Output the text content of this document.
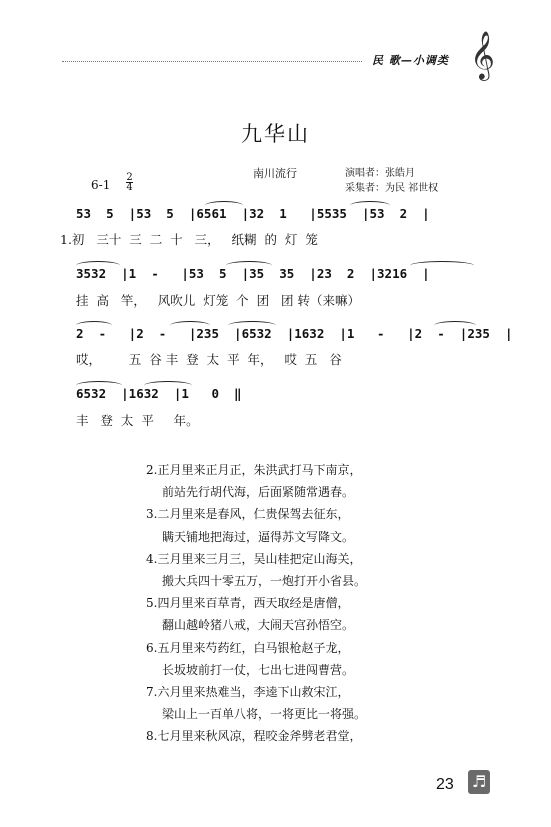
民 歌—小调类 𝄞
九华山
南川流行	演唱者：张皓月
采集者：为民 祁世权
6-1
2
4
53  5  |53  5  |6561  |32  1   |5535  |53  2  |
1.初   三十  三  二  十   三，   纸糊  的  灯  笼
3532  |1  -   |53  5  |35  35  |23  2  |3216  |
挂  高   竿，   风吹儿  灯笼  个  团   团 转（来嘛）
2  -   |2  -   |235  |6532  |1632  |1   -   |2  -  |235  |
哎，       五  谷 丰  登  太  平  年，   哎  五   谷
6532  |1632  |1   0  ‖
丰   登  太  平     年。
2.正月里来正月正，朱洪武打马下南京，
前站先行胡代海，后面紧随常遇春。
3.二月里来是春风，仁贵保驾去征东，
瞒天铺地把海过，逼得苏文写降文。
4.三月里来三月三，吴山桂把定山海关，
搬大兵四十零五万，一炮打开小省县。
5.四月里来百草青，西天取经是唐僧，
翻山越岭猪八戒，大闹天宫孙悟空。
6.五月里来芍药红，白马银枪赵子龙，
长坂坡前打一仗，七出七进闯曹营。
7.六月里来热难当，李逵下山救宋江，
梁山上一百单八将，一将更比一将强。
8.七月里来秋风凉，程咬金斧劈老君堂，
23 ♬
